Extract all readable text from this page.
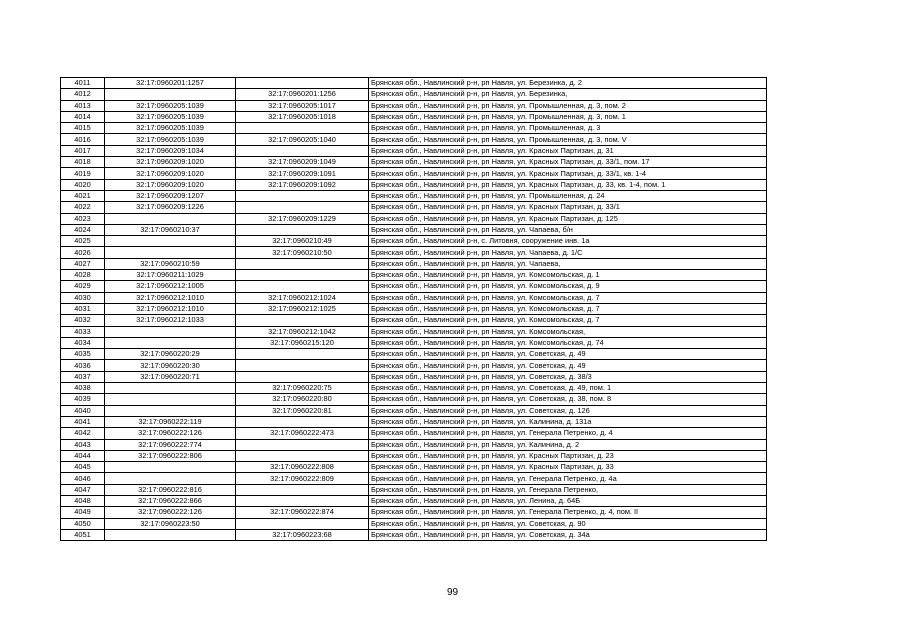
4011	32:17:0960201:1257		Брянская обл., Навлинский р-н, рп Навля, ул. Березинка, д. 2
4012		32:17:0960201:1256	Брянская обл., Навлинский р-н, рп Навля, ул. Березинка,
4013	32:17:0960205:1039	32:17:0960205:1017	Брянская обл., Навлинский р-н, рп Навля, ул. Промышленная, д. 3, пом. 2
4014	32:17:0960205:1039	32:17:0960205:1018	Брянская обл., Навлинский р-н, рп Навля, ул. Промышленная, д. 3, пом. 1
4015	32:17:0960205:1039		Брянская обл., Навлинский р-н, рп Навля, ул. Промышленная, д. 3
4016	32:17:0960205:1039	32:17:0960205:1040	Брянская обл., Навлинский р-н, рп Навля, ул. Промышленная, д. 3, пом. V
4017	32:17:0960209:1034		Брянская обл., Навлинский р-н, рп Навля, ул. Красных Партизан, д. 31
4018	32:17:0960209:1020	32:17:0960209:1049	Брянская обл., Навлинский р-н, рп Навля, ул. Красных Партизан, д. 33/1, пом. 17
4019	32:17:0960209:1020	32:17:0960209:1091	Брянская обл., Навлинский р-н, рп Навля, ул. Красных Партизан, д. 33/1, кв. 1-4
4020	32:17:0960209:1020	32:17:0960209:1092	Брянская обл., Навлинский р-н, рп Навля, ул. Красных Партизан, д. 33, кв. 1-4, пом. 1
4021	32:17:0960209:1207		Брянская обл., Навлинский р-н, рп Навля, ул. Промышленная, д. 24
4022	32:17:0960209:1226		Брянская обл., Навлинский р-н, рп Навля, ул. Красных Партизан, д. 33/1
4023		32:17:0960209:1229	Брянская обл., Навлинский р-н, рп Навля, ул. Красных Партизан, д. 125
4024	32:17:0960210:37		Брянская обл., Навлинский р-н, рп Навля, ул. Чапаева, б/н
4025		32:17:0960210:49	Брянская обл., Навлинский р-н, с. Литовня, сооружение инв. 1а
4026		32:17:0960210:50	Брянская обл., Навлинский р-н, рп Навля, ул. Чапаева, д. 1/С
4027	32:17:0960210:59		Брянская обл., Навлинский р-н, рп Навля, ул. Чапаева,
4028	32:17:0960211:1029		Брянская обл., Навлинский р-н, рп Навля, ул. Комсомольская, д. 1
4029	32:17:0960212:1005		Брянская обл., Навлинский р-н, рп Навля, ул. Комсомольская, д. 9
4030	32:17:0960212:1010	32:17:0960212:1024	Брянская обл., Навлинский р-н, рп Навля, ул. Комсомольская, д. 7
4031	32:17:0960212:1010	32:17:0960212:1025	Брянская обл., Навлинский р-н, рп Навля, ул. Комсомольская, д. 7
4032	32:17:0960212:1033		Брянская обл., Навлинский р-н, рп Навля, ул. Комсомольская, д. 7
4033		32:17:0960212:1042	Брянская обл., Навлинский р-н, рп Навля, ул. Комсомольская,
4034		32:17:0960215:120	Брянская обл., Навлинский р-н, рп Навля, ул. Комсомольская, д. 74
4035	32:17:0960220:29		Брянская обл., Навлинский р-н, рп Навля, ул. Советская, д. 49
4036	32:17:0960220:30		Брянская обл., Навлинский р-н, рп Навля, ул. Советская, д. 49
4037	32:17:0960220:71		Брянская обл., Навлинский р-н, рп Навля, ул. Советская, д. 38/3
4038		32:17:0960220:75	Брянская обл., Навлинский р-н, рп Навля, ул. Советская, д. 49, пом. 1
4039		32:17:0960220:80	Брянская обл., Навлинский р-н, рп Навля, ул. Советская, д. 38, пом. 8
4040		32:17:0960220:81	Брянская обл., Навлинский р-н, рп Навля, ул. Советская, д. 126
4041	32:17:0960222:119		Брянская обл., Навлинский р-н, рп Навля, ул. Калинина, д. 131а
4042	32:17:0960222:126	32:17:0960222:473	Брянская обл., Навлинский р-н, рп Навля, ул. Генерала Петренко, д. 4
4043	32:17:0960222:774		Брянская обл., Навлинский р-н, рп Навля, ул. Калинина, д. 2
4044	32:17:0960222:806		Брянская обл., Навлинский р-н, рп Навля, ул. Красных Партизан, д. 23
4045		32:17:0960222:808	Брянская обл., Навлинский р-н, рп Навля, ул. Красных Партизан, д. 33
4046		32:17:0960222:809	Брянская обл., Навлинский р-н, рп Навля, ул. Генерала Петренко, д. 4а
4047	32:17:0960222:816		Брянская обл., Навлинский р-н, рп Навля, ул. Генерала Петренко,
4048	32:17:0960222:866		Брянская обл., Навлинский р-н, рп Навля, ул. Ленина, д. 64Б
4049	32:17:0960222:126	32:17:0960222:874	Брянская обл., Навлинский р-н, рп Навля, ул. Генерала Петренко, д. 4, пом. II
4050	32:17:0960223:50		Брянская обл., Навлинский р-н, рп Навля, ул. Советская, д. 90
4051		32:17:0960223:68	Брянская обл., Навлинский р-н, рп Навля, ул. Советская, д. 34а
99
